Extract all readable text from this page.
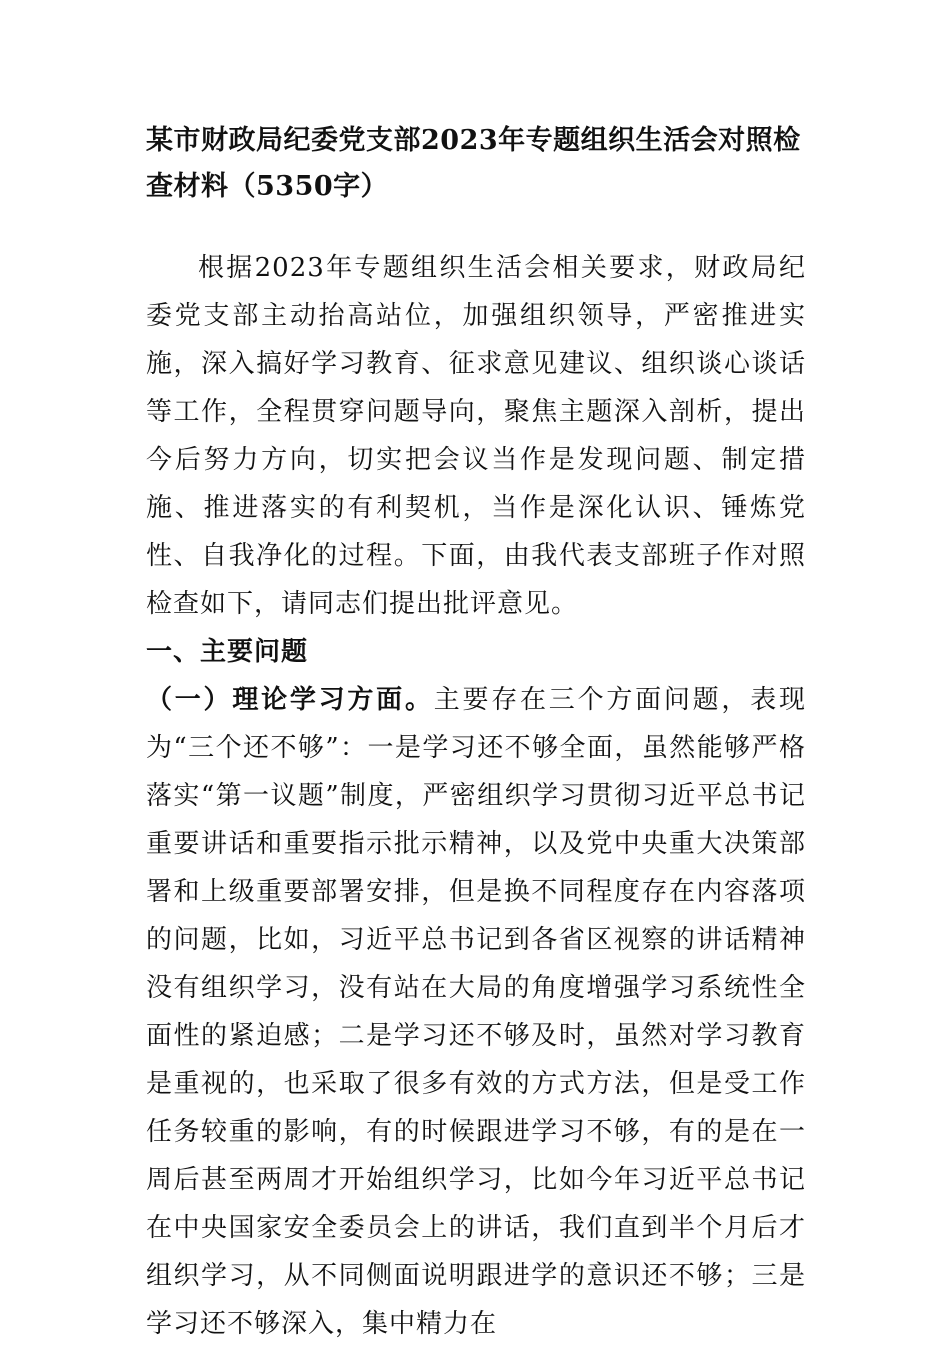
某市财政局纪委党支部2023年专题组织生活会对照检查材料（5350字）

根据2023年专题组织生活会相关要求，财政局纪委党支部主动抬高站位，加强组织领导，严密推进实施，深入搞好学习教育、征求意见建议、组织谈心谈话等工作，全程贯穿问题导向，聚焦主题深入剖析，提出今后努力方向，切实把会议当作是发现问题、制定措施、推进落实的有利契机，当作是深化认识、锤炼党性、自我净化的过程。下面，由我代表支部班子作对照检查如下，请同志们提出批评意见。

一、主要问题

（一）理论学习方面。主要存在三个方面问题，表现为“三个还不够”：一是学习还不够全面，虽然能够严格落实“第一议题”制度，严密组织学习贯彻习近平总书记重要讲话和重要指示批示精神，以及党中央重大决策部署和上级重要部署安排，但是换不同程度存在内容落项的问题，比如，习近平总书记到各省区视察的讲话精神没有组织学习，没有站在大局的角度增强学习系统性全面性的紧迫感；二是学习还不够及时，虽然对学习教育是重视的，也采取了很多有效的方式方法，但是受工作任务较重的影响，有的时候跟进学习不够，有的是在一周后甚至两周才开始组织学习，比如今年习近平总书记在中央国家安全委员会上的讲话，我们直到半个月后才组织学习，从不同侧面说明跟进学的意识还不够；三是学习还不够深入，集中精力在
